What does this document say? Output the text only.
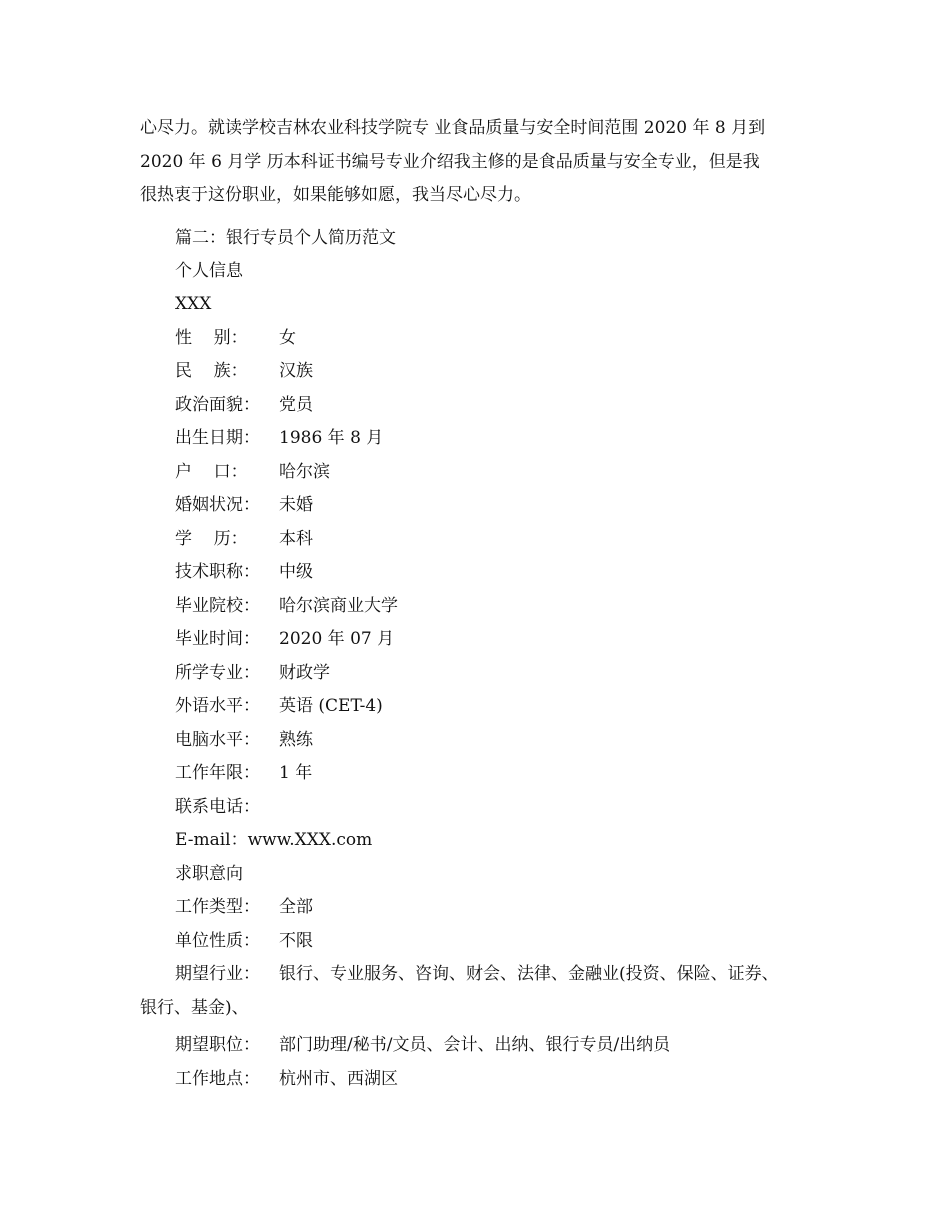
心尽力。就读学校吉林农业科技学院专 业食品质量与安全时间范围 2020 年 8 月到
2020 年 6 月学 历本科证书编号专业介绍我主修的是食品质量与安全专业，但是我
很热衷于这份职业，如果能够如愿，我当尽心尽力。
篇二：银行专员个人简历范文
个人信息
XXX
性    别： 女
民    族： 汉族
政治面貌： 党员
出生日期： 1986 年 8 月
户    口： 哈尔滨
婚姻状况： 未婚
学    历： 本科
技术职称： 中级
毕业院校： 哈尔滨商业大学
毕业时间： 2020 年 07 月
所学专业： 财政学
外语水平： 英语 (CET-4)
电脑水平： 熟练
工作年限： 1 年
联系电话：
E-mail：www.XXX.com
求职意向
工作类型： 全部
单位性质： 不限
期望行业： 银行、专业服务、咨询、财会、法律、金融业(投资、保险、证券、
银行、基金)、
期望职位： 部门助理/秘书/文员、会计、出纳、银行专员/出纳员
工作地点： 杭州市、西湖区
